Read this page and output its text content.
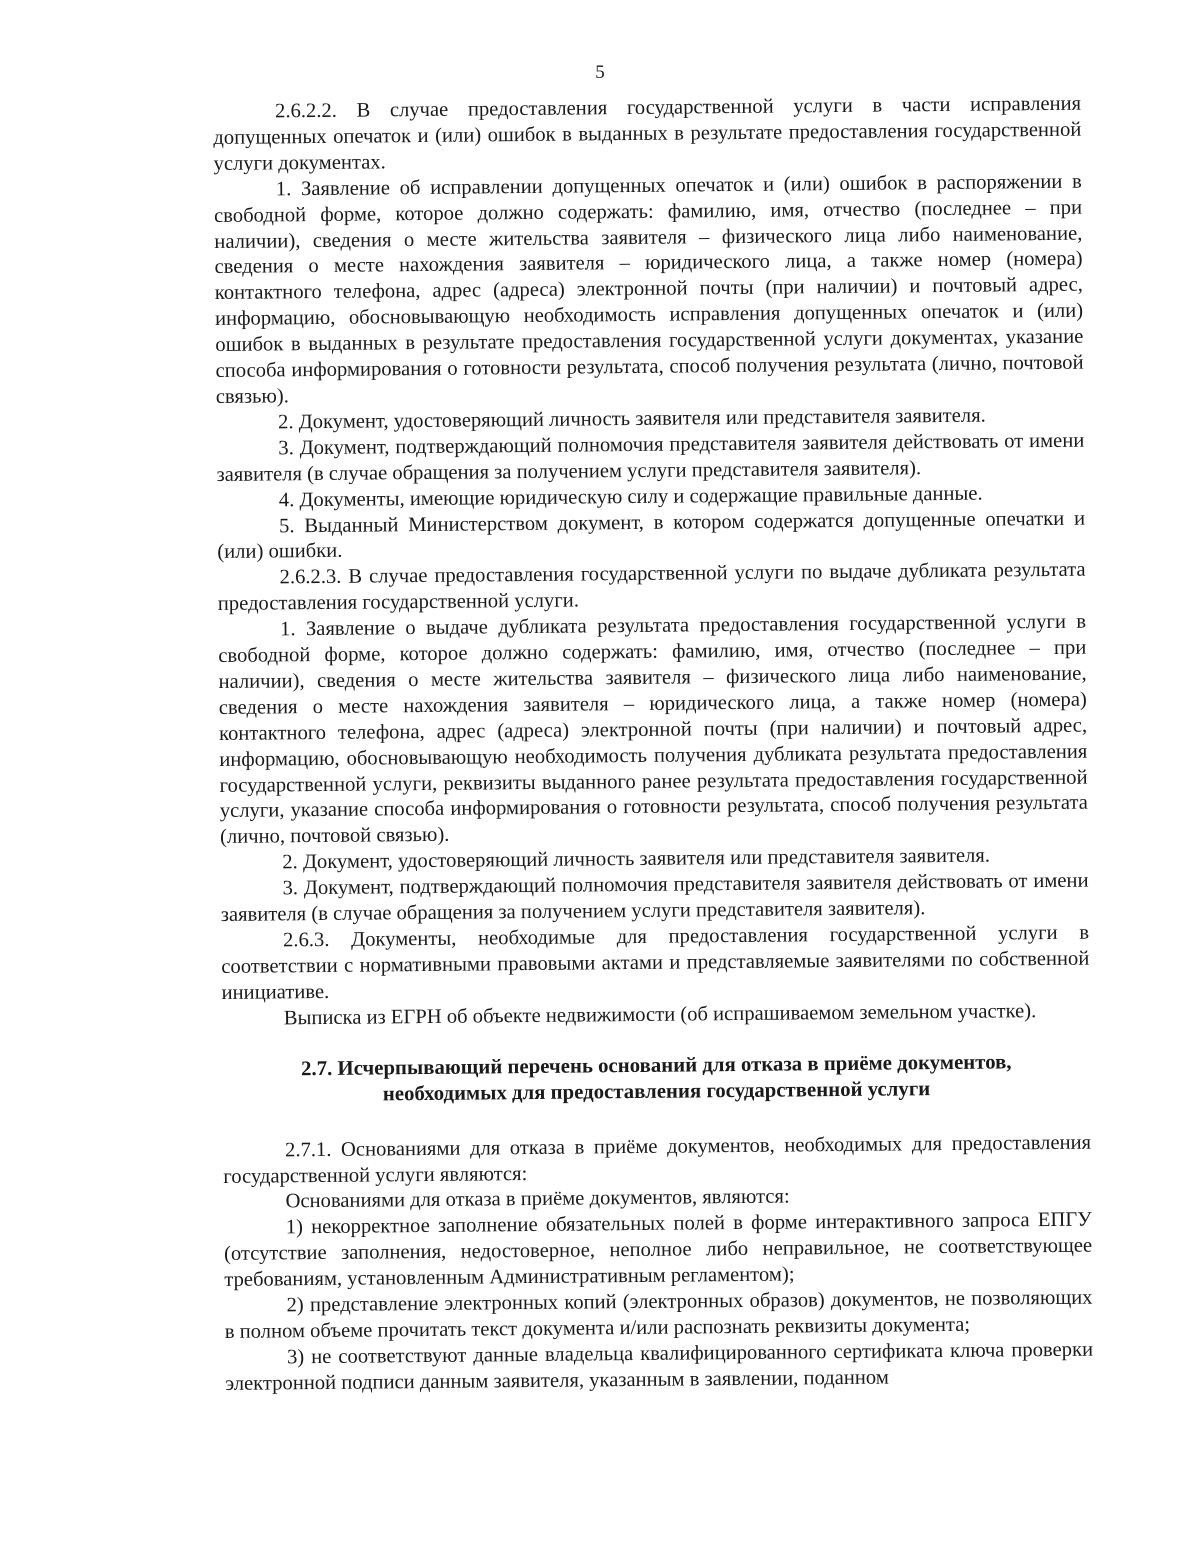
5

2.6.2.2. В случае предоставления государственной услуги в части исправления допущенных опечаток и (или) ошибок в выданных в результате предоставления государственной услуги документах.

1. Заявление об исправлении допущенных опечаток и (или) ошибок в распоряжении в свободной форме, которое должно содержать: фамилию, имя, отчество (последнее – при наличии), сведения о месте жительства заявителя – физического лица либо наименование, сведения о месте нахождения заявителя – юридического лица, а также номер (номера) контактного телефона, адрес (адреса) электронной почты (при наличии) и почтовый адрес, информацию, обосновывающую необходимость исправления допущенных опечаток и (или) ошибок в выданных в результате предоставления государственной услуги документах, указание способа информирования о готовности результата, способ получения результата (лично, почтовой связью).

2. Документ, удостоверяющий личность заявителя или представителя заявителя.

3. Документ, подтверждающий полномочия представителя заявителя действовать от имени заявителя (в случае обращения за получением услуги представителя заявителя).

4. Документы, имеющие юридическую силу и содержащие правильные данные.

5. Выданный Министерством документ, в котором содержатся допущенные опечатки и (или) ошибки.

2.6.2.3. В случае предоставления государственной услуги по выдаче дубликата результата предоставления государственной услуги.

1. Заявление о выдаче дубликата результата предоставления государственной услуги в свободной форме, которое должно содержать: фамилию, имя, отчество (последнее – при наличии), сведения о месте жительства заявителя – физического лица либо наименование, сведения о месте нахождения заявителя – юридического лица, а также номер (номера) контактного телефона, адрес (адреса) электронной почты (при наличии) и почтовый адрес, информацию, обосновывающую необходимость получения дубликата результата предоставления государственной услуги, реквизиты выданного ранее результата предоставления государственной услуги, указание способа информирования о готовности результата, способ получения результата (лично, почтовой связью).

2. Документ, удостоверяющий личность заявителя или представителя заявителя.

3. Документ, подтверждающий полномочия представителя заявителя действовать от имени заявителя (в случае обращения за получением услуги представителя заявителя).

2.6.3. Документы, необходимые для предоставления государственной услуги в соответствии с нормативными правовыми актами и представляемые заявителями по собственной инициативе.

Выписка из ЕГРН об объекте недвижимости (об испрашиваемом земельном участке).

2.7. Исчерпывающий перечень оснований для отказа в приёме документов,
необходимых для предоставления государственной услуги

2.7.1. Основаниями для отказа в приёме документов, необходимых для предоставления государственной услуги являются:

Основаниями для отказа в приёме документов, являются:

1) некорректное заполнение обязательных полей в форме интерактивного запроса ЕПГУ (отсутствие заполнения, недостоверное, неполное либо неправильное, не соответствующее требованиям, установленным Административным регламентом);

2) представление электронных копий (электронных образов) документов, не позволяющих в полном объеме прочитать текст документа и/или распознать реквизиты документа;

3) не соответствуют данные владельца квалифицированного сертификата ключа проверки электронной подписи данным заявителя, указанным в заявлении, поданном
